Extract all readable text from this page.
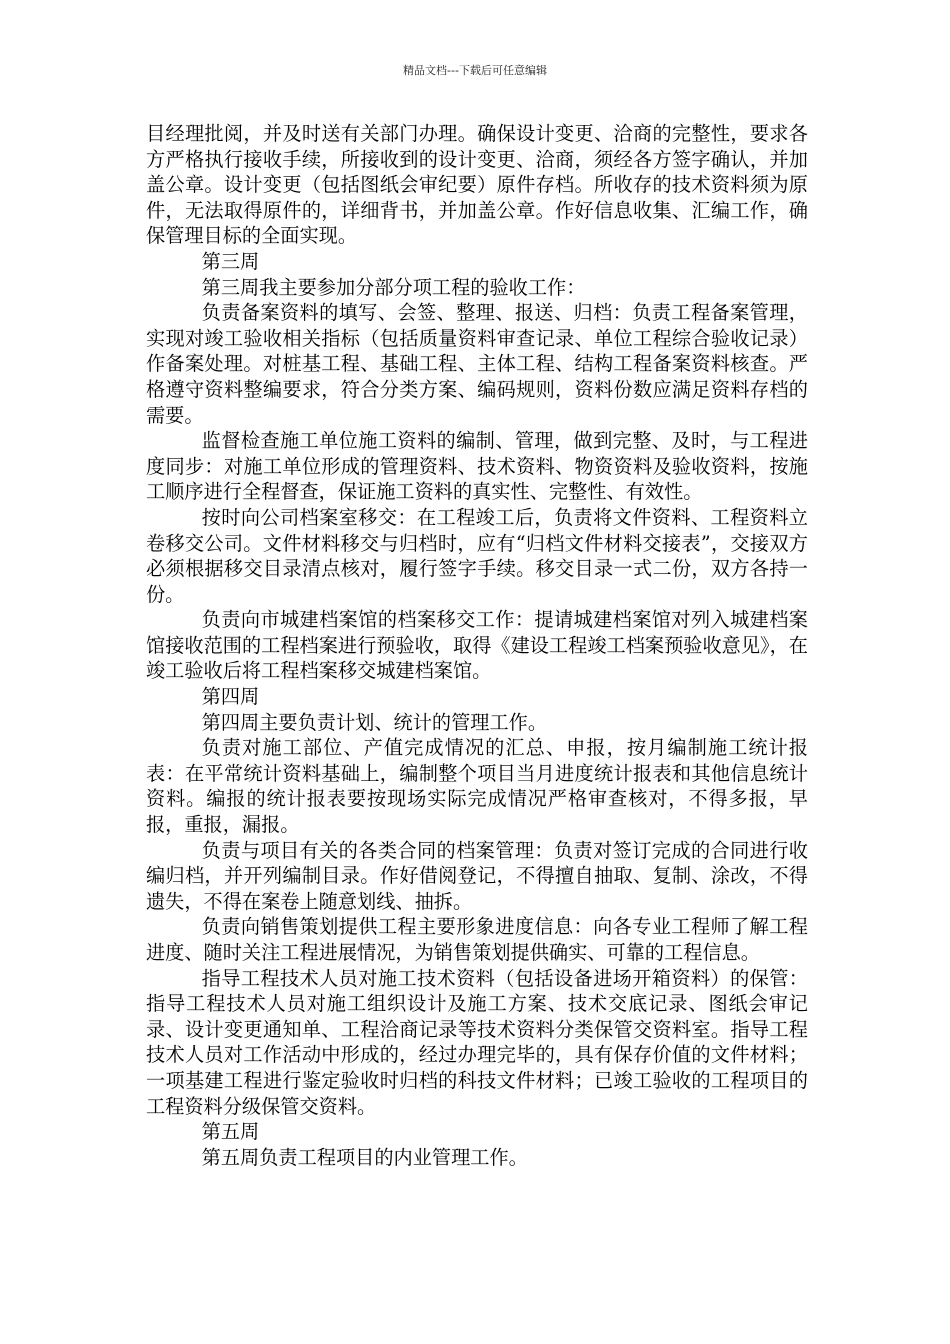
精品文档---下载后可任意编辑

目经理批阅，并及时送有关部门办理。确保设计变更、洽商的完整性，要求各方严格执行接收手续，所接收到的设计变更、洽商，须经各方签字确认，并加盖公章。设计变更（包括图纸会审纪要）原件存档。所收存的技术资料须为原件，无法取得原件的，详细背书，并加盖公章。作好信息收集、汇编工作，确保管理目标的全面实现。

第三周

第三周我主要参加分部分项工程的验收工作：

负责备案资料的填写、会签、整理、报送、归档：负责工程备案管理，实现对竣工验收相关指标（包括质量资料审查记录、单位工程综合验收记录）作备案处理。对桩基工程、基础工程、主体工程、结构工程备案资料核查。严格遵守资料整编要求，符合分类方案、编码规则，资料份数应满足资料存档的需要。

监督检查施工单位施工资料的编制、管理，做到完整、及时，与工程进度同步：对施工单位形成的管理资料、技术资料、物资资料及验收资料，按施工顺序进行全程督查，保证施工资料的真实性、完整性、有效性。

按时向公司档案室移交：在工程竣工后，负责将文件资料、工程资料立卷移交公司。文件材料移交与归档时，应有“归档文件材料交接表”，交接双方必须根据移交目录清点核对，履行签字手续。移交目录一式二份，双方各持一份。

负责向市城建档案馆的档案移交工作：提请城建档案馆对列入城建档案馆接收范围的工程档案进行预验收，取得《建设工程竣工档案预验收意见》，在竣工验收后将工程档案移交城建档案馆。

第四周

第四周主要负责计划、统计的管理工作。

负责对施工部位、产值完成情况的汇总、申报，按月编制施工统计报表：在平常统计资料基础上，编制整个项目当月进度统计报表和其他信息统计资料。编报的统计报表要按现场实际完成情况严格审查核对，不得多报，早报，重报，漏报。

负责与项目有关的各类合同的档案管理：负责对签订完成的合同进行收编归档，并开列编制目录。作好借阅登记，不得擅自抽取、复制、涂改，不得遗失，不得在案卷上随意划线、抽拆。

负责向销售策划提供工程主要形象进度信息：向各专业工程师了解工程进度、随时关注工程进展情况，为销售策划提供确实、可靠的工程信息。

指导工程技术人员对施工技术资料（包括设备进场开箱资料）的保管：指导工程技术人员对施工组织设计及施工方案、技术交底记录、图纸会审记录、设计变更通知单、工程洽商记录等技术资料分类保管交资料室。指导工程技术人员对工作活动中形成的，经过办理完毕的，具有保存价值的文件材料；一项基建工程进行鉴定验收时归档的科技文件材料；已竣工验收的工程项目的工程资料分级保管交资料。

第五周

第五周负责工程项目的内业管理工作。
